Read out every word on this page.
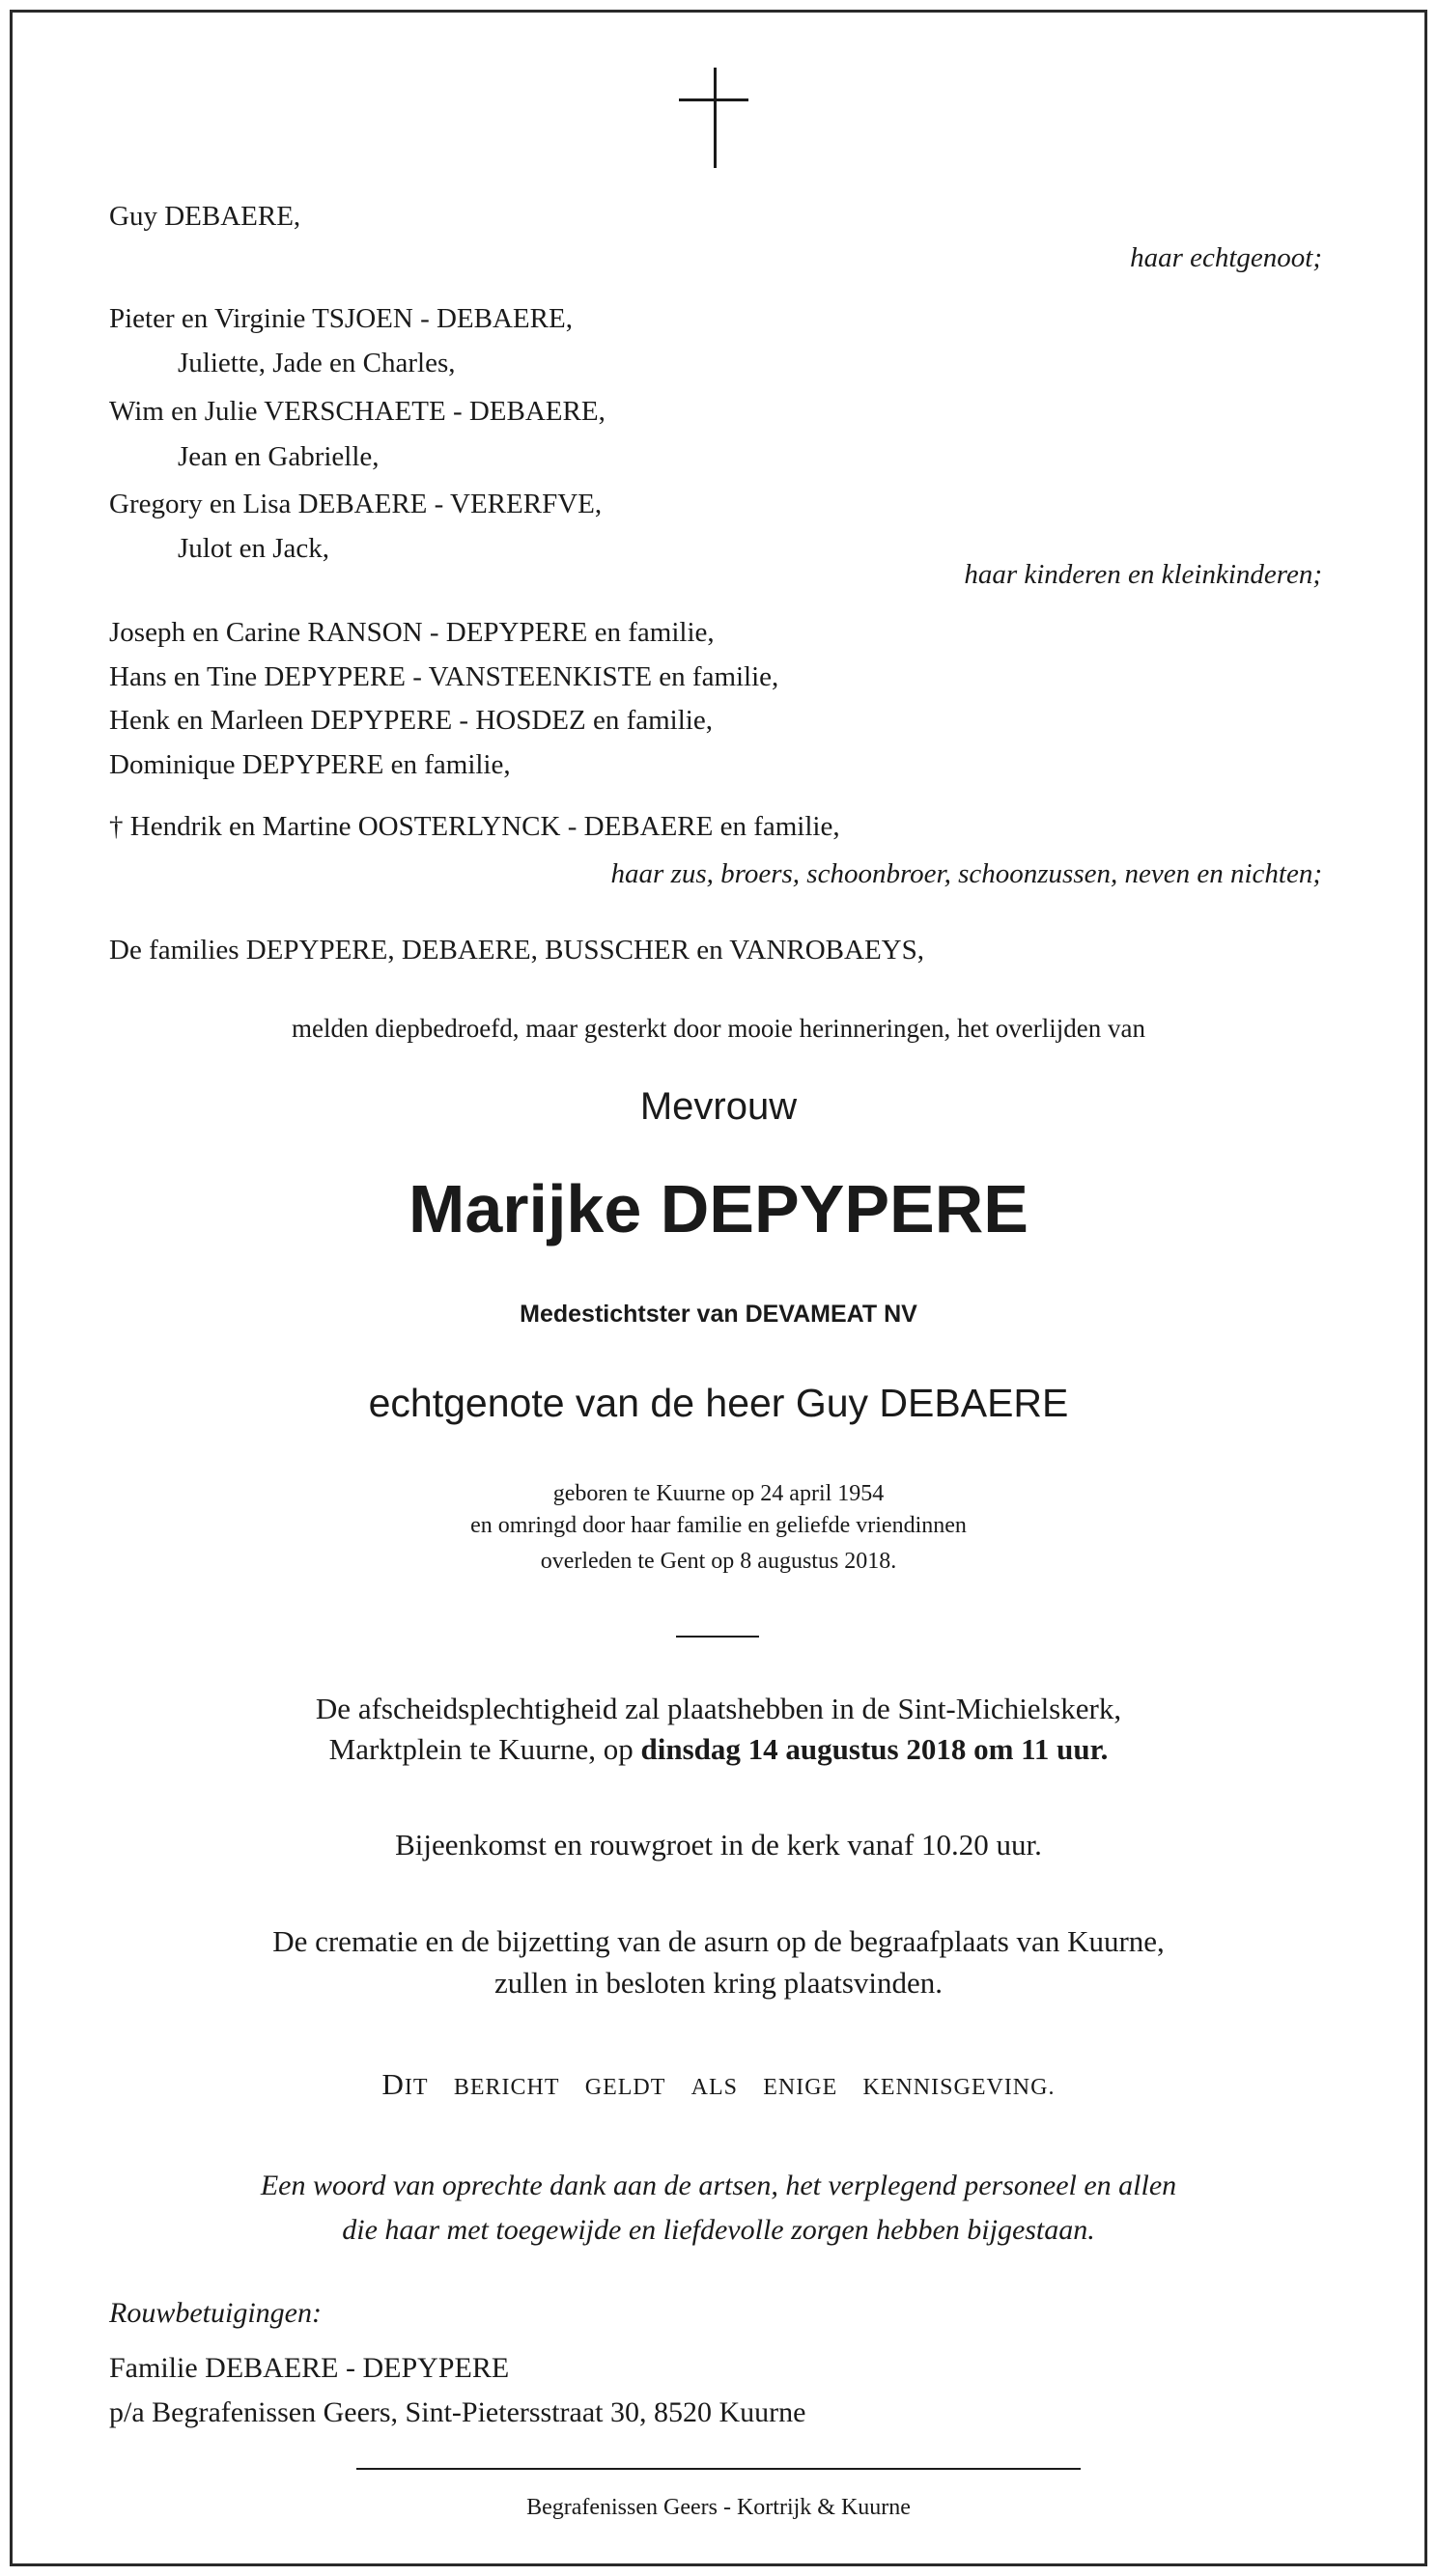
Guy DEBAERE,
haar echtgenoot;
Pieter en Virginie TSJOEN - DEBAERE,
Juliette, Jade en Charles,
Wim en Julie VERSCHAETE - DEBAERE,
Jean en Gabrielle,
Gregory en Lisa DEBAERE - VERERFVE,
Julot en Jack,
haar kinderen en kleinkinderen;
Joseph en Carine RANSON - DEPYPERE en familie,
Hans en Tine DEPYPERE - VANSTEENKISTE en familie,
Henk en Marleen DEPYPERE - HOSDEZ en familie,
Dominique DEPYPERE en familie,
† Hendrik en Martine OOSTERLYNCK - DEBAERE en familie,
haar zus, broers, schoonbroer, schoonzussen, neven en nichten;
De families DEPYPERE, DEBAERE, BUSSCHER en VANROBAEYS,
melden diepbedroefd, maar gesterkt door mooie herinneringen, het overlijden van
Mevrouw
Marijke DEPYPERE
Medestichtster van DEVAMEAT NV
echtgenote van de heer Guy DEBAERE
geboren te Kuurne op 24 april 1954
en omringd door haar familie en geliefde vriendinnen
overleden te Gent op 8 augustus 2018.
De afscheidsplechtigheid zal plaatshebben in de Sint-Michielskerk,
Marktplein te Kuurne, op dinsdag 14 augustus 2018 om 11 uur.
Bijeenkomst en rouwgroet in de kerk vanaf 10.20 uur.
De crematie en de bijzetting van de asurn op de begraafplaats van Kuurne,
zullen in besloten kring plaatsvinden.
DIT BERICHT GELDT ALS ENIGE KENNISGEVING.
Een woord van oprechte dank aan de artsen, het verplegend personeel en allen
die haar met toegewijde en liefdevolle zorgen hebben bijgestaan.
Rouwbetuigingen:
Familie DEBAERE - DEPYPERE
p/a Begrafenissen Geers, Sint-Pietersstraat 30, 8520 Kuurne
Begrafenissen Geers - Kortrijk & Kuurne
